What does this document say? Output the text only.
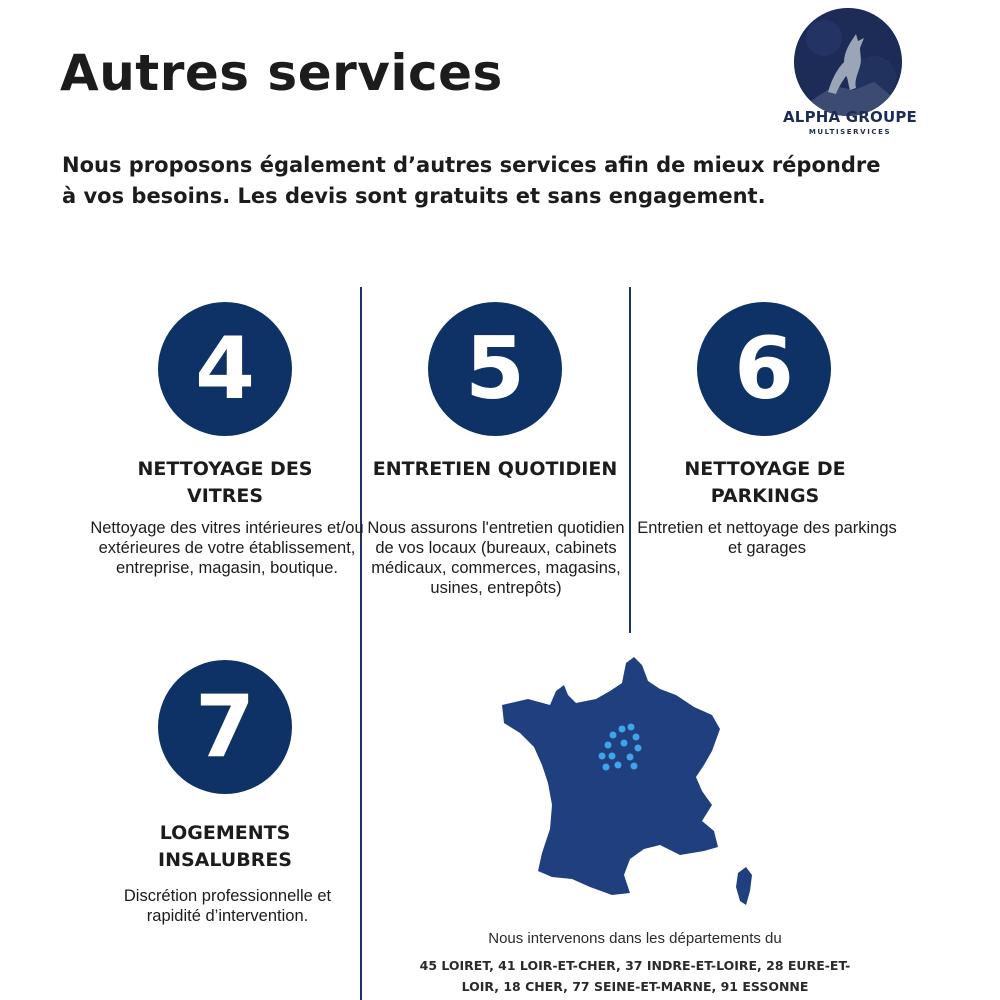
Autres services
ALPHA GROUPE
MULTISERVICES

Nous proposons également d’autres services afin de mieux répondre à vos besoins. Les devis sont gratuits et sans engagement.

4
NETTOYAGE DES VITRES
Nettoyage des vitres intérieures et/ou extérieures de votre établissement, entreprise, magasin, boutique.
5
ENTRETIEN QUOTIDIEN
Nous assurons l'entretien quotidien de vos locaux (bureaux, cabinets médicaux, commerces, magasins, usines, entrepôts)
6
NETTOYAGE DE PARKINGS
Entretien et nettoyage des parkings et garages
7
LOGEMENTS INSALUBRES
Discrétion professionnelle et rapidité d’intervention.
Nous intervenons dans les départements du
45 LOIRET, 41 LOIR-ET-CHER, 37 INDRE-ET-LOIRE, 28 EURE-ET-LOIR, 18 CHER, 77 SEINE-ET-MARNE, 91 ESSONNE
